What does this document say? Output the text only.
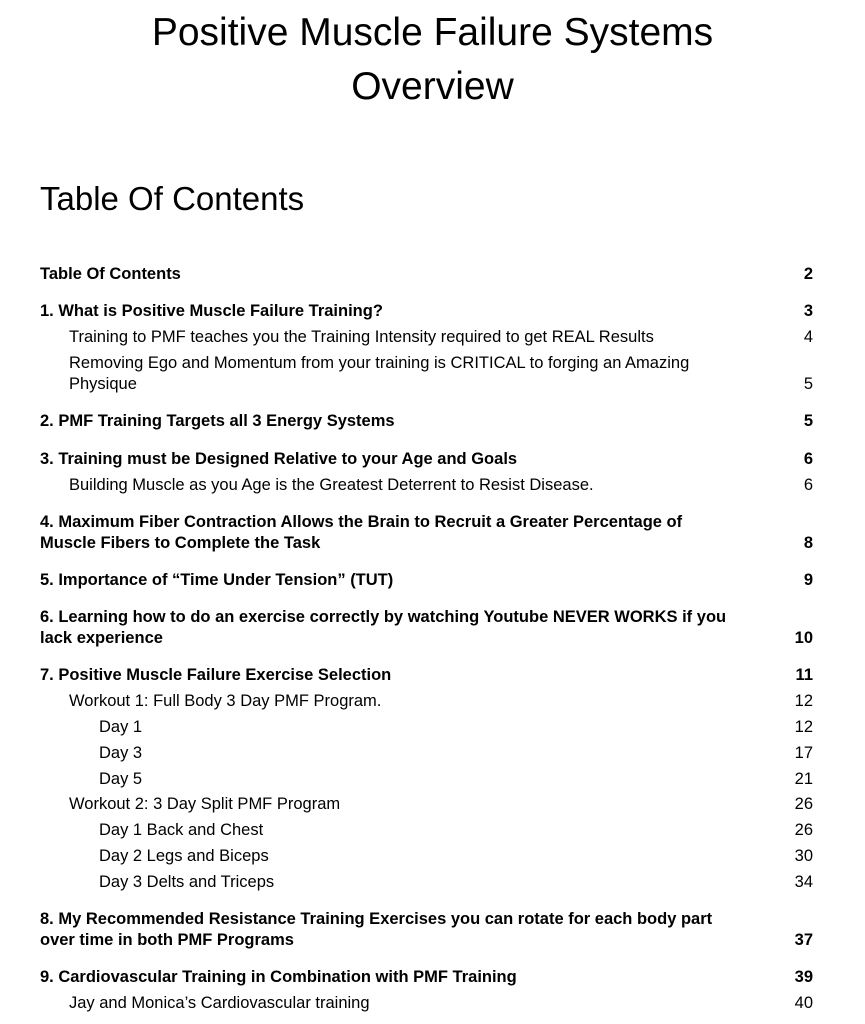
Positive Muscle Failure Systems
Overview
Table Of Contents
Table Of Contents	2
1. What is Positive Muscle Failure Training?	3
Training to PMF teaches you the Training Intensity required to get REAL Results	4
Removing Ego and Momentum from your training is CRITICAL to forging an Amazing
Physique	5
2. PMF Training Targets all 3 Energy Systems	5
3. Training must be Designed Relative to your Age and Goals	6
Building Muscle as you Age is the Greatest Deterrent to Resist Disease.	6
4. Maximum Fiber Contraction Allows the Brain to Recruit a Greater Percentage of
Muscle Fibers to Complete the Task	8
5. Importance of “Time Under Tension” (TUT)	9
6. Learning how to do an exercise correctly by watching Youtube NEVER WORKS if you
lack experience	10
7. Positive Muscle Failure Exercise Selection	11
Workout 1: Full Body 3 Day PMF Program.	12
Day 1	12
Day 3	17
Day 5	21
Workout 2: 3 Day Split PMF Program	26
Day 1 Back and Chest	26
Day 2 Legs and Biceps	30
Day 3 Delts and Triceps	34
8. My Recommended Resistance Training Exercises you can rotate for each body part
over time in both PMF Programs	37
9. Cardiovascular Training in Combination with PMF Training	39
Jay and Monica’s Cardiovascular training	40
